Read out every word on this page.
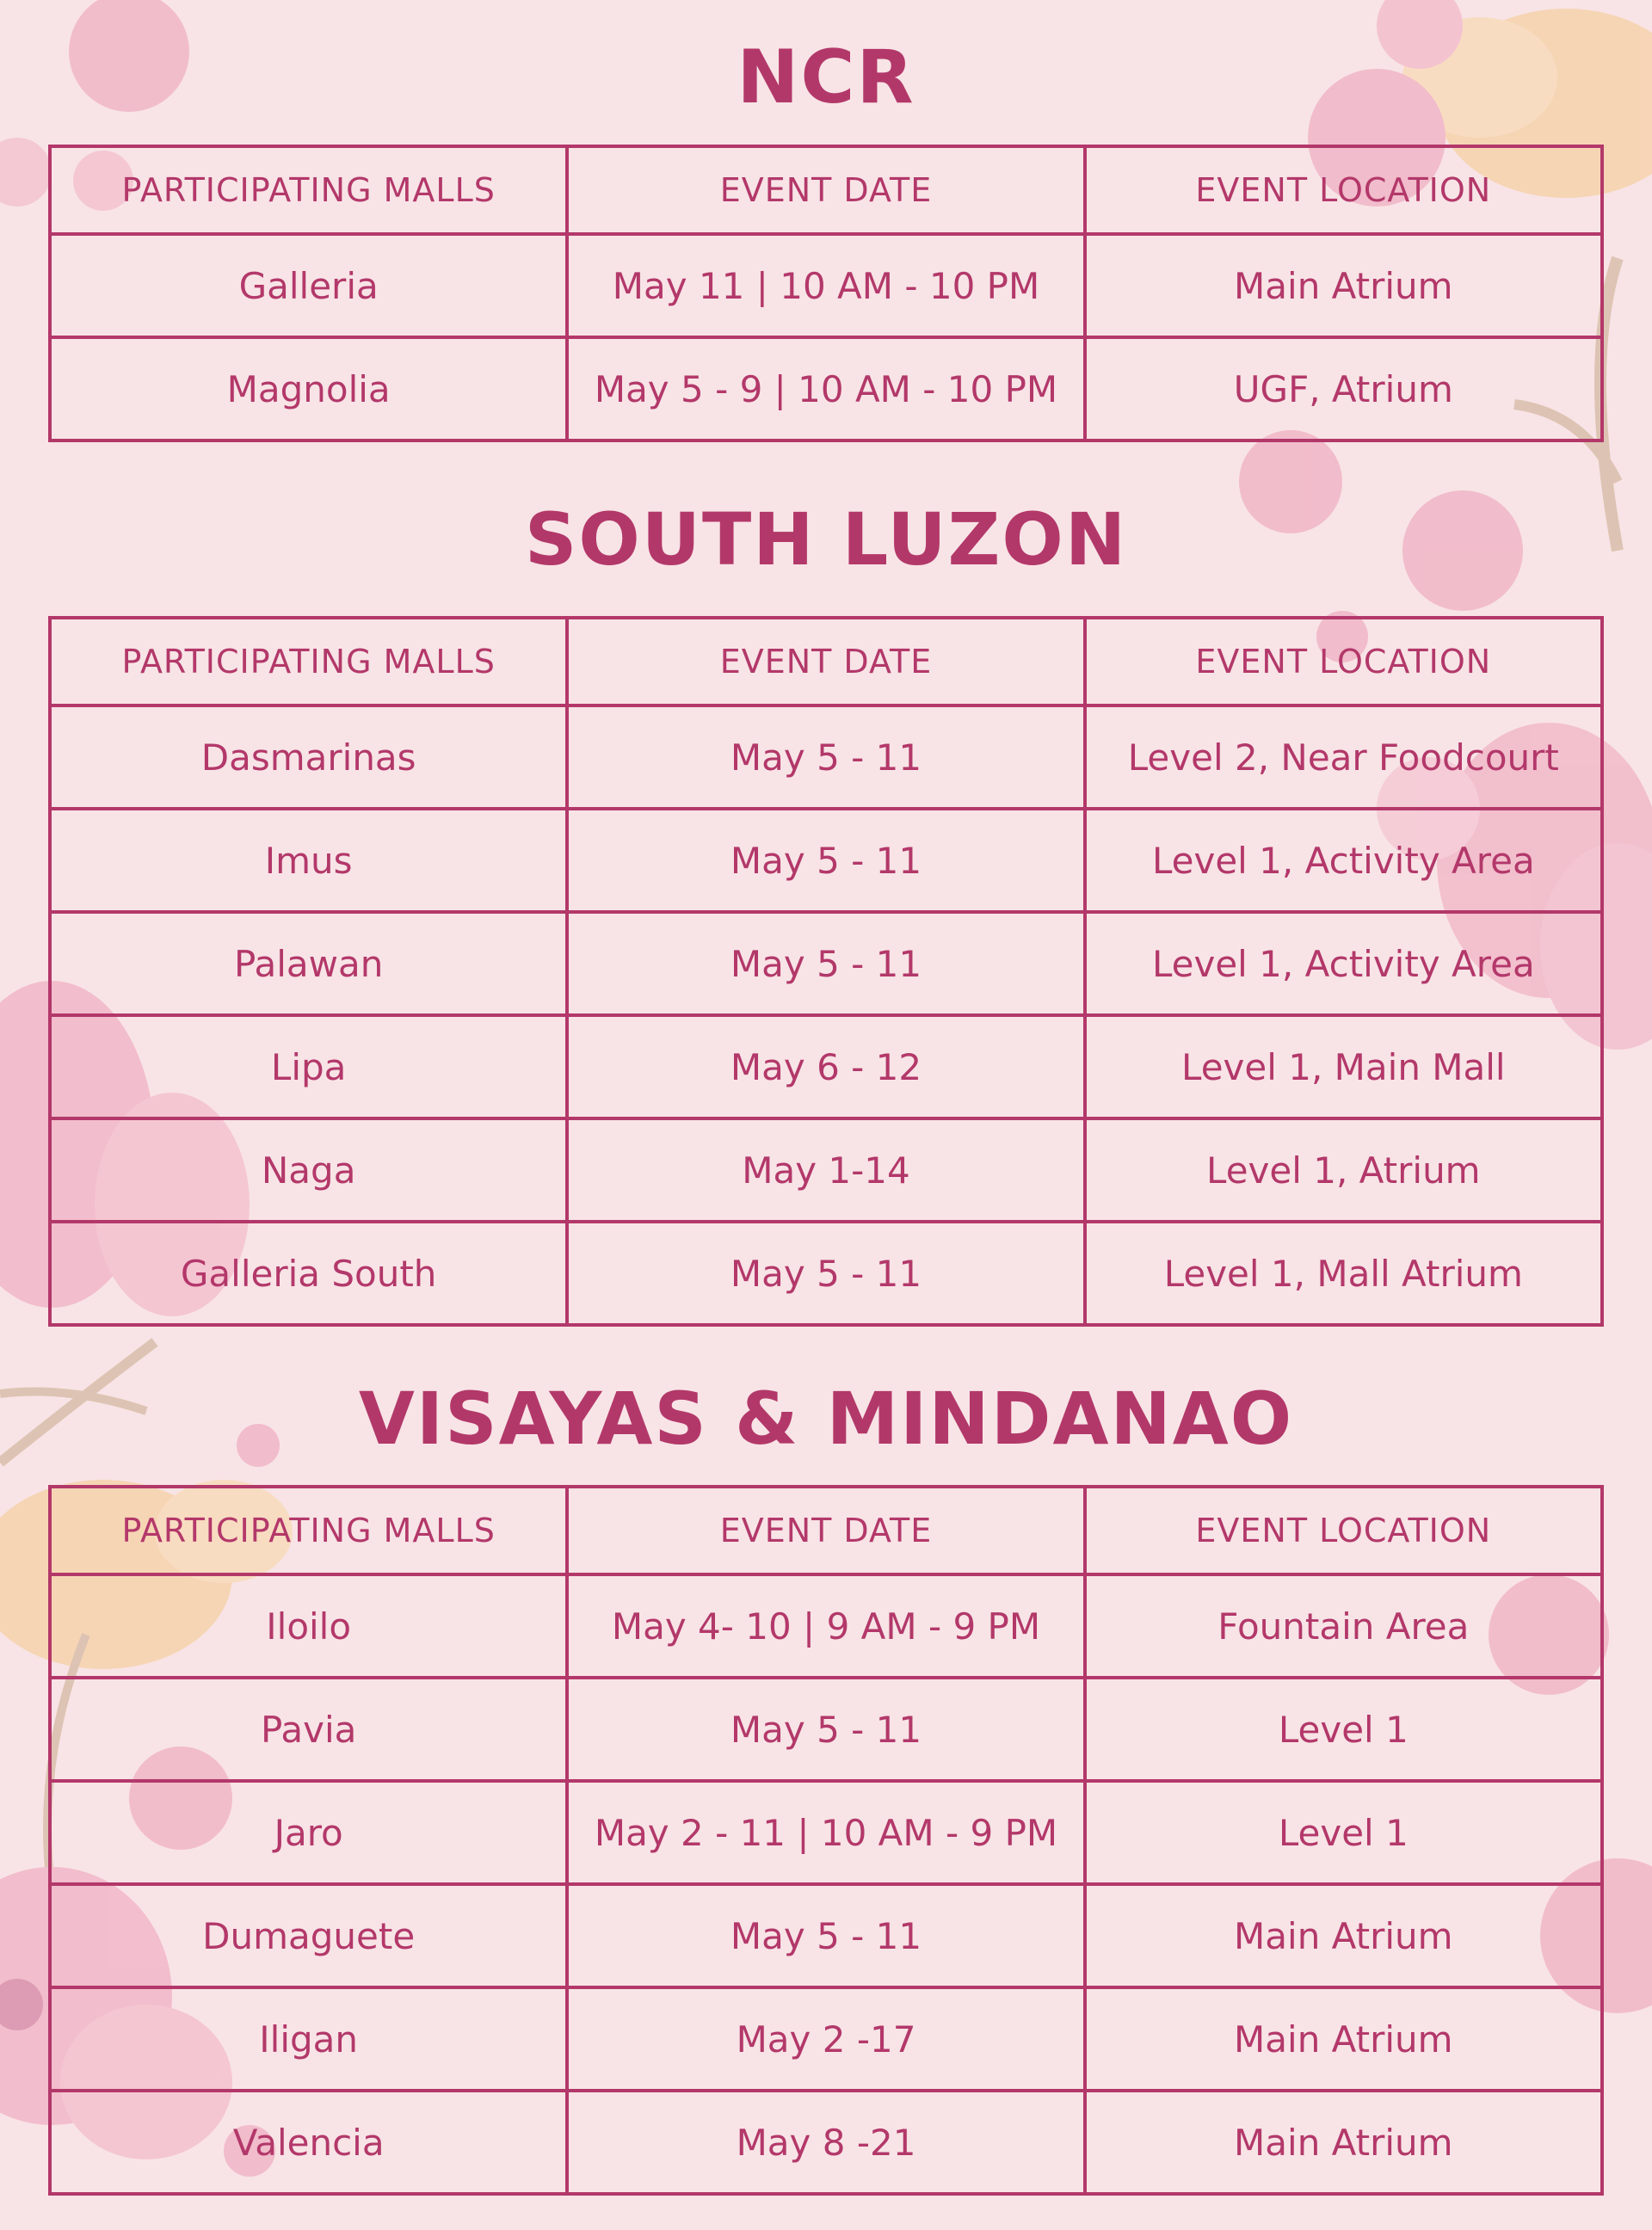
NCR
PARTICIPATING MALLS	EVENT DATE	EVENT LOCATION
Galleria	May 11 | 10 AM - 10 PM	Main Atrium
Magnolia	May 5 - 9 | 10 AM - 10 PM	UGF, Atrium
SOUTH LUZON
PARTICIPATING MALLS	EVENT DATE	EVENT LOCATION
Dasmarinas	May 5 - 11	Level 2, Near Foodcourt
Imus	May 5 - 11	Level 1, Activity Area
Palawan	May 5 - 11	Level 1, Activity Area
Lipa	May 6 - 12	Level 1, Main Mall
Naga	May 1-14	Level 1, Atrium
Galleria South	May 5 - 11	Level 1, Mall Atrium
VISAYAS & MINDANAO
PARTICIPATING MALLS	EVENT DATE	EVENT LOCATION
Iloilo	May 4- 10 | 9 AM - 9 PM	Fountain Area
Pavia	May 5 - 11	Level 1
Jaro	May 2 - 11 | 10 AM - 9 PM	Level 1
Dumaguete	May 5 - 11	Main Atrium
Iligan	May 2 -17	Main Atrium
Valencia	May 8 -21	Main Atrium
